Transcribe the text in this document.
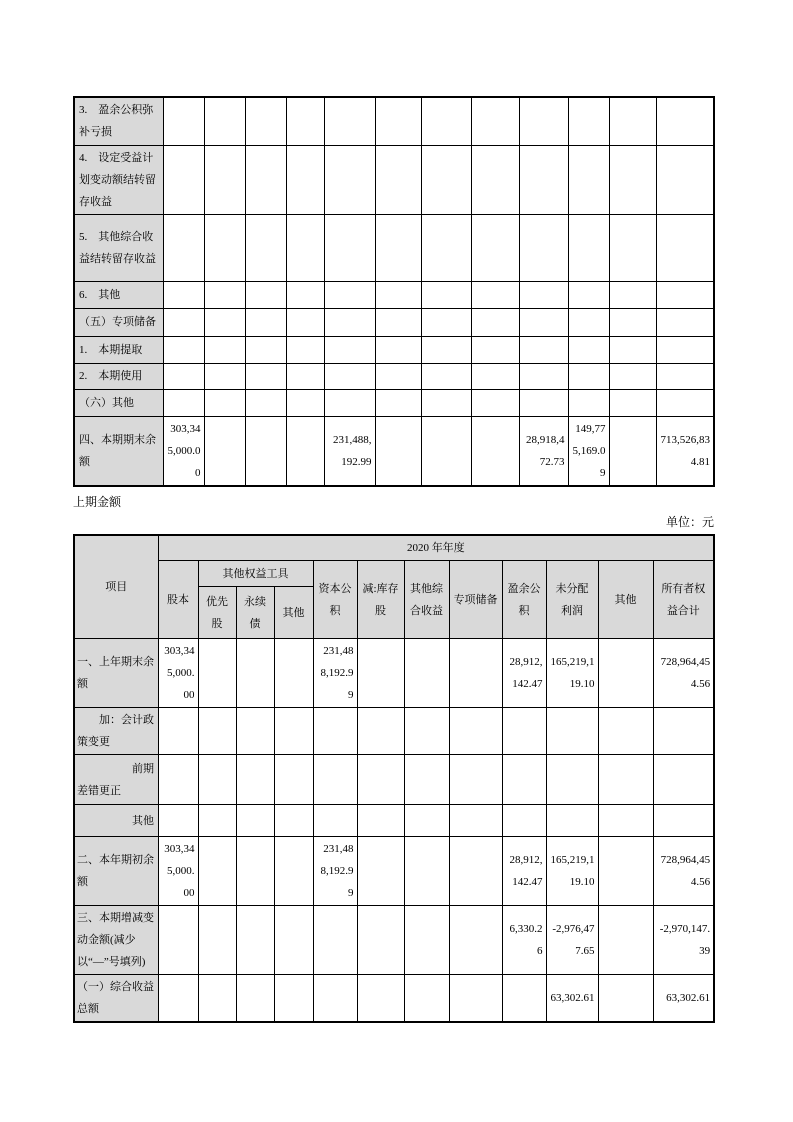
3.　盈余公积弥补亏损												
4.　设定受益计划变动额结转留存收益												
5.　其他综合收益结转留存收益												
6.　其他												
（五）专项储备												
1.　本期提取												
2.　本期使用												
（六）其他												
四、本期期末余额	303,345,000.00				231,488,192.99				28,918,472.73	149,775,169.09		713,526,834.81
上期金额
单位：元
项目	2020 年年度											
	股本	其他权益工具			资本公积	减:库存股	其他综合收益	专项储备	盈余公积	未分配利润	其他	所有者权益合计
		优先股	永续债	其他								
一、上年期末余额	303,345,000.00				231,488,192.99				28,912,142.47	165,219,119.10		728,964,454.56
　　加：会计政策变更												
　　　　　前期差错更正												
　　　　　其他												
二、本年期初余额	303,345,000.00				231,488,192.99				28,912,142.47	165,219,119.10		728,964,454.56
三、本期增减变动金额(减少以“—”号填列)									6,330.26	-2,976,477.65		-2,970,147.39
（一）综合收益总额										63,302.61		63,302.61
